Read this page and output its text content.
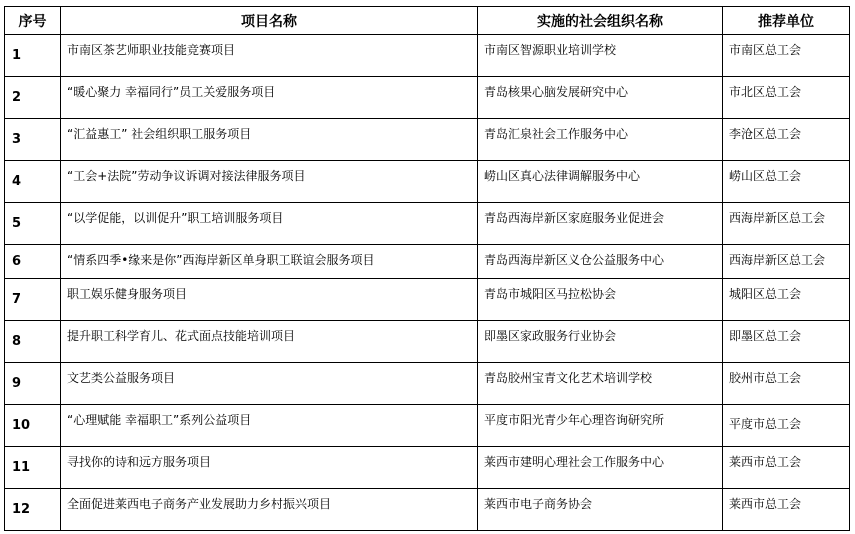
序号	项目名称	实施的社会组织名称	推荐单位
1	市南区茶艺师职业技能竞赛项目	市南区智源职业培训学校	市南区总工会
2	“暖心聚力 幸福同行”员工关爱服务项目	青岛核果心脑发展研究中心	市北区总工会
3	“汇益惠工” 社会组织职工服务项目	青岛汇泉社会工作服务中心	李沧区总工会
4	“工会+法院”劳动争议诉调对接法律服务项目	崂山区真心法律调解服务中心	崂山区总工会
5	“以学促能，以训促升”职工培训服务项目	青岛西海岸新区家庭服务业促进会	西海岸新区总工会
6	“情系四季•缘来是你”西海岸新区单身职工联谊会服务项目	青岛西海岸新区义仓公益服务中心	西海岸新区总工会
7	职工娱乐健身服务项目	青岛市城阳区马拉松协会	城阳区总工会
8	提升职工科学育儿、花式面点技能培训项目	即墨区家政服务行业协会	即墨区总工会
9	文艺类公益服务项目	青岛胶州宝青文化艺术培训学校	胶州市总工会
10	“心理赋能 幸福职工”系列公益项目	平度市阳光青少年心理咨询研究所	平度市总工会
11	寻找你的诗和远方服务项目	莱西市建明心理社会工作服务中心	莱西市总工会
12	全面促进莱西电子商务产业发展助力乡村振兴项目	莱西市电子商务协会	莱西市总工会
